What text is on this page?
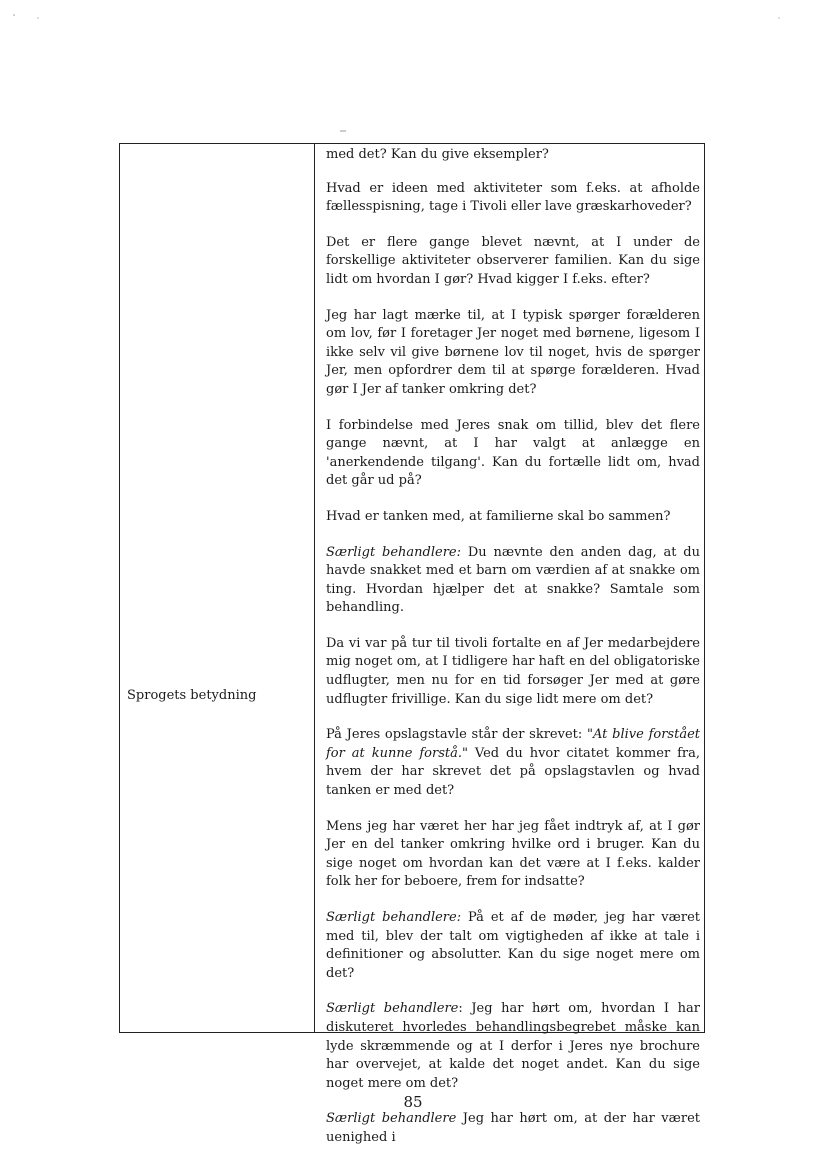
Sprogets betydning

med det? Kan du give eksempler?

Hvad er ideen med aktiviteter som f.eks. at afholde fællesspisning, tage i Tivoli eller lave græskarhoveder?

Det er flere gange blevet nævnt, at I under de forskellige aktiviteter observerer familien. Kan du sige lidt om hvordan I gør? Hvad kigger I f.eks. efter?

Jeg har lagt mærke til, at I typisk spørger forælderen om lov, før I foretager Jer noget med børnene, ligesom I ikke selv vil give børnene lov til noget, hvis de spørger Jer, men opfordrer dem til at spørge forælderen. Hvad gør I Jer af tanker omkring det?

I forbindelse med Jeres snak om tillid, blev det flere gange nævnt, at I har valgt at anlægge en 'anerkendende tilgang'. Kan du fortælle lidt om, hvad det går ud på?

Hvad er tanken med, at familierne skal bo sammen?

Særligt behandlere: Du nævnte den anden dag, at du havde snakket med et barn om værdien af at snakke om ting. Hvordan hjælper det at snakke? Samtale som behandling.

Da vi var på tur til tivoli fortalte en af Jer medarbejdere mig noget om, at I tidligere har haft en del obligatoriske udflugter, men nu for en tid forsøger Jer med at gøre udflugter frivillige. Kan du sige lidt mere om det?

På Jeres opslagstavle står der skrevet: "At blive forstået for at kunne forstå." Ved du hvor citatet kommer fra, hvem der har skrevet det på opslagstavlen og hvad tanken er med det?

Mens jeg har været her har jeg fået indtryk af, at I gør Jer en del tanker omkring hvilke ord i bruger. Kan du sige noget om hvordan kan det være at I f.eks. kalder folk her for beboere, frem for indsatte?

Særligt behandlere: På et af de møder, jeg har været med til, blev der talt om vigtigheden af ikke at tale i definitioner og absolutter. Kan du sige noget mere om det?

Særligt behandlere: Jeg har hørt om, hvordan I har diskuteret hvorledes behandlingsbegrebet måske kan lyde skræmmende og at I derfor i Jeres nye brochure har overvejet, at kalde det noget andet. Kan du sige noget mere om det?

Særligt behandlere Jeg har hørt om, at der har været uenighed i

85
